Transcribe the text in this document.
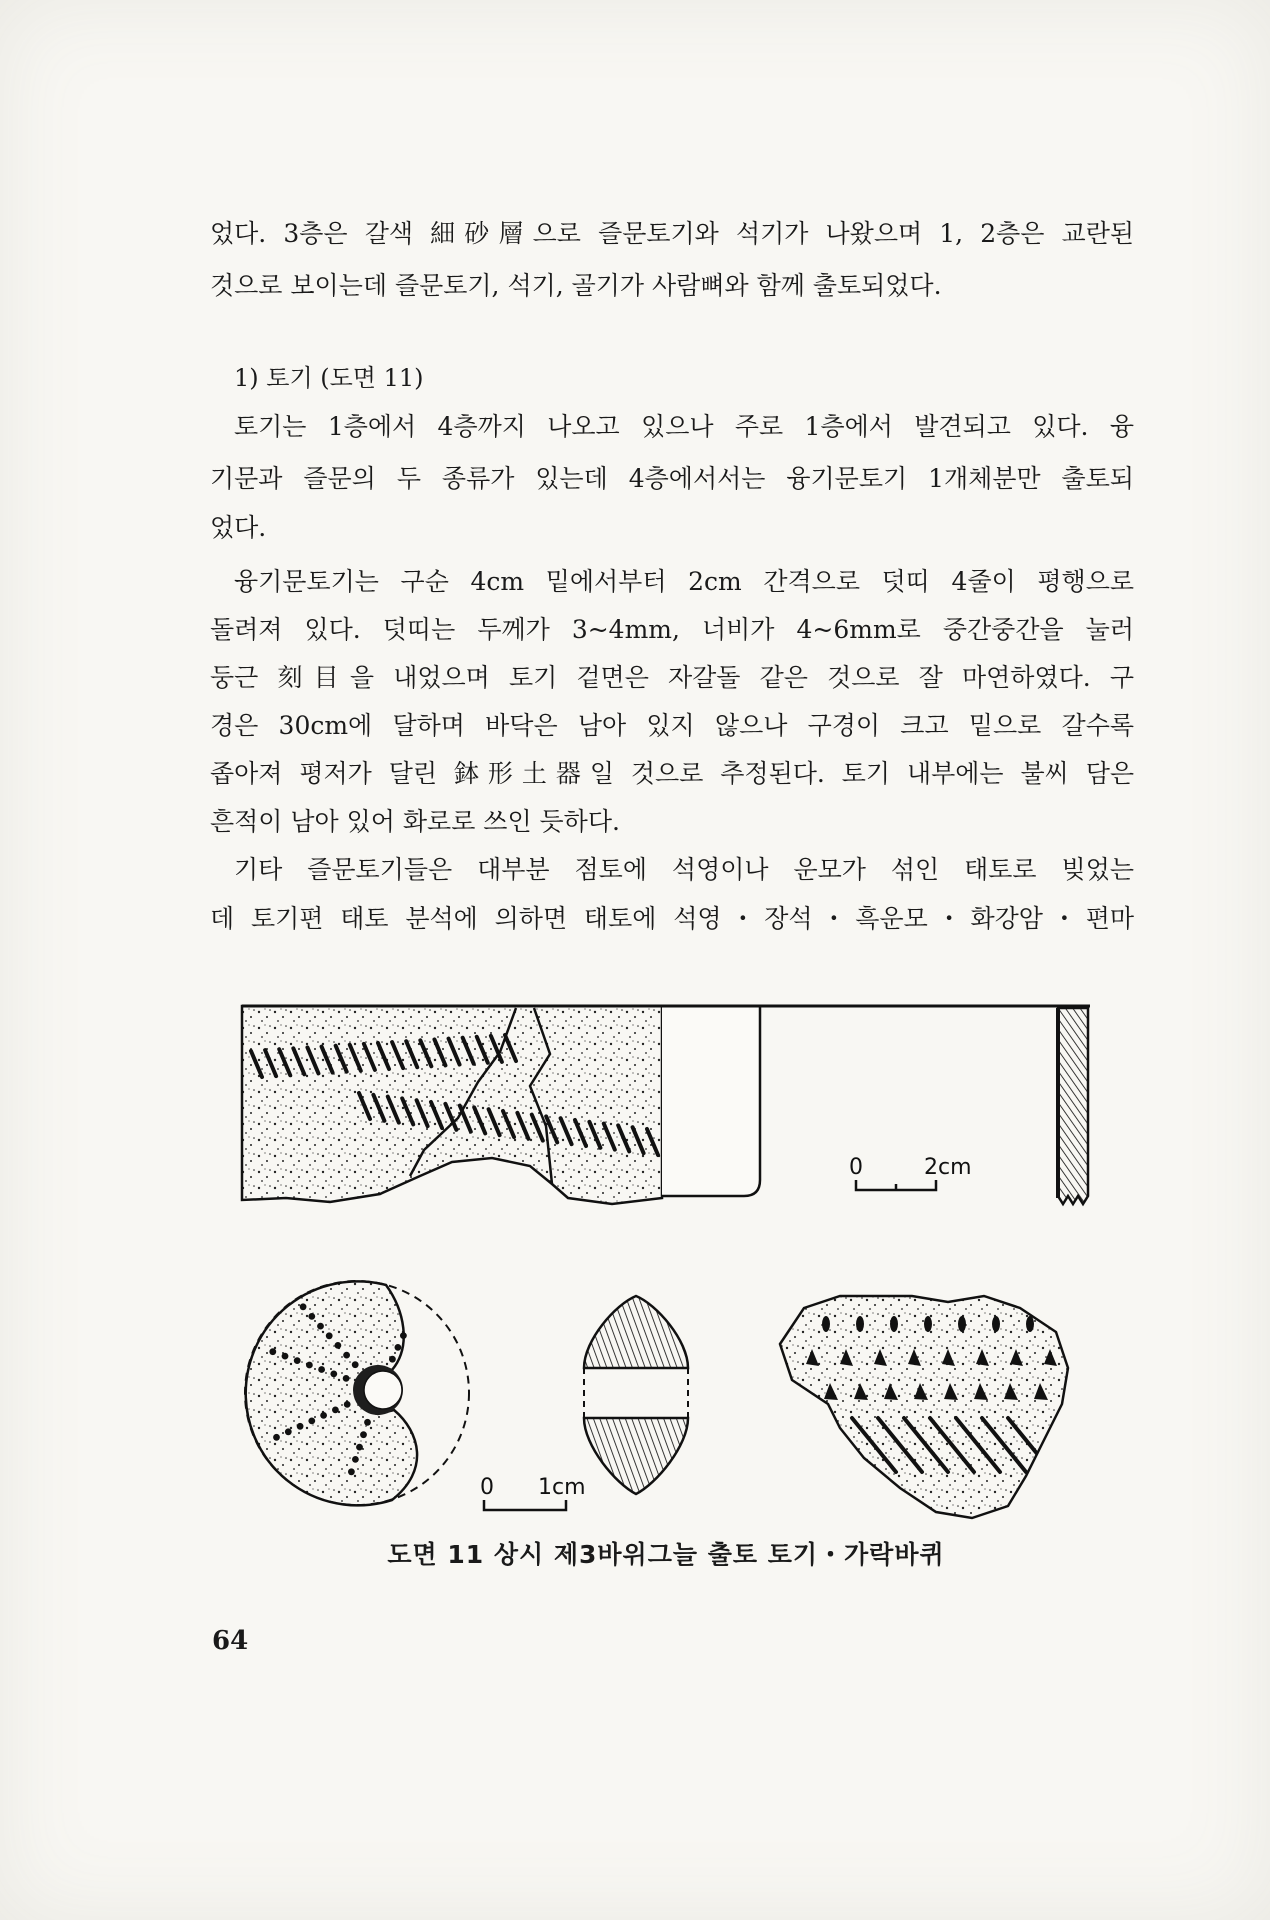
었다. 3층은 갈색 細砂層으로 즐문토기와 석기가 나왔으며 1, 2층은 교란된
것으로 보이는데 즐문토기, 석기, 골기가 사람뼈와 함께 출토되었다.
1) 토기 (도면 11)
토기는 1층에서 4층까지 나오고 있으나 주로 1층에서 발견되고 있다. 융
기문과 즐문의 두 종류가 있는데 4층에서서는 융기문토기 1개체분만 출토되
었다.
융기문토기는 구순 4cm 밑에서부터 2cm 간격으로 덧띠 4줄이 평행으로
돌려져 있다. 덧띠는 두께가 3~4mm, 너비가 4~6mm로 중간중간을 눌러
둥근 刻目을 내었으며 토기 겉면은 자갈돌 같은 것으로 잘 마연하였다. 구
경은 30cm에 달하며 바닥은 남아 있지 않으나 구경이 크고 밑으로 갈수록
좁아져 평저가 달린 鉢形土器일 것으로 추정된다. 토기 내부에는 불씨 담은
흔적이 남아 있어 화로로 쓰인 듯하다.
기타 즐문토기들은 대부분 점토에 석영이나 운모가 섞인 태토로 빚었는
데 토기편 태토 분석에 의하면 태토에 석영・장석・흑운모・화강암・편마
0	2cm
0 1cm
도면 11 상시 제3바위그늘 출토 토기・가락바퀴
64
